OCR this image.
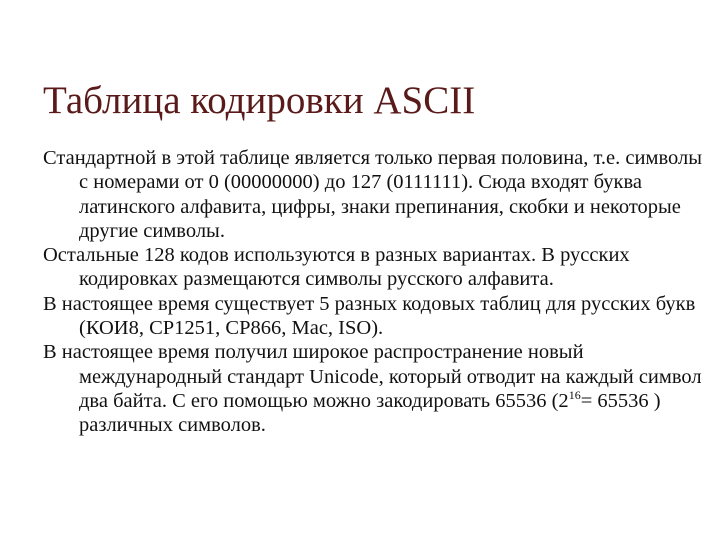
Таблица кодировки ASCII

Стандартной в этой таблице является только первая половина, т.е. символы с номерами от 0 (00000000) до 127 (0111111). Сюда входят буква латинского алфавита, цифры, знаки препинания, скобки и некоторые другие символы.

Остальные 128 кодов используются в разных вариантах. В русских кодировках размещаются символы русского алфавита.

В настоящее время существует 5 разных кодовых таблиц для русских букв (КОИ8, СР1251, СР866, Mac, ISO).

В настоящее время получил широкое распространение новый международный стандарт Unicode, который отводит на каждый символ два байта. С его помощью можно закодировать 65536 ($2^{16}= 65536$ ) различных символов.
